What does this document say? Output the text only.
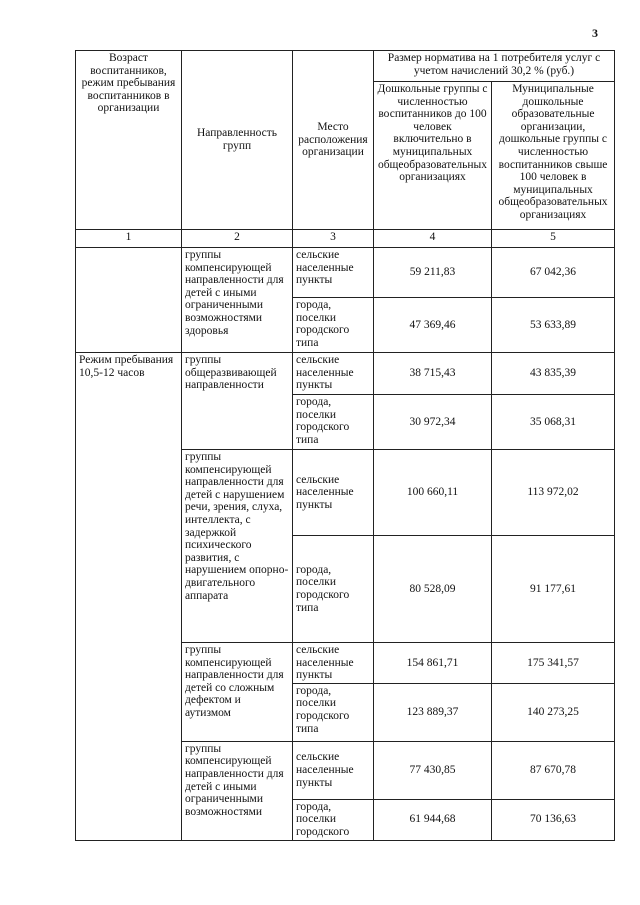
3
Возраст воспитанников, режим пребывания воспитанников в организации	Направленность групп	Место расположения организации	Размер норматива на 1 потребителя услуг с учетом начислений 30,2 % (руб.)	
			Дошкольные группы с численностью воспитанников до 100 человек включительно в муниципальных общеобразовательных организациях	Муниципальные дошкольные образовательные организации, дошкольные группы с численностью воспитанников свыше 100 человек в муниципальных общеобразовательных организациях
1	2	3	4	5
	группы компенсирующей направленности для детей с иными ограниченными возможностями здоровья	сельские населенные пункты	59 211,83	67 042,36
		города, поселки городского типа	47 369,46	53 633,89
Режим пребывания 10,5-12 часов	группы общеразвивающей направленности	сельские населенные пункты	38 715,43	43 835,39
		города, поселки городского типа	30 972,34	35 068,31
	группы компенсирующей направленности для детей с нарушением речи, зрения, слуха, интеллекта, с задержкой психического развития, с нарушением опорно-двигательного аппарата	сельские населенные пункты	100 660,11	113 972,02
		города, поселки городского типа	80 528,09	91 177,61
	группы компенсирующей направленности для детей со сложным дефектом и аутизмом	сельские населенные пункты	154 861,71	175 341,57
		города, поселки городского типа	123 889,37	140 273,25
	группы компенсирующей направленности для детей с иными ограниченными возможностями	сельские населенные пункты	77 430,85	87 670,78
		города, поселки городского	61 944,68	70 136,63
